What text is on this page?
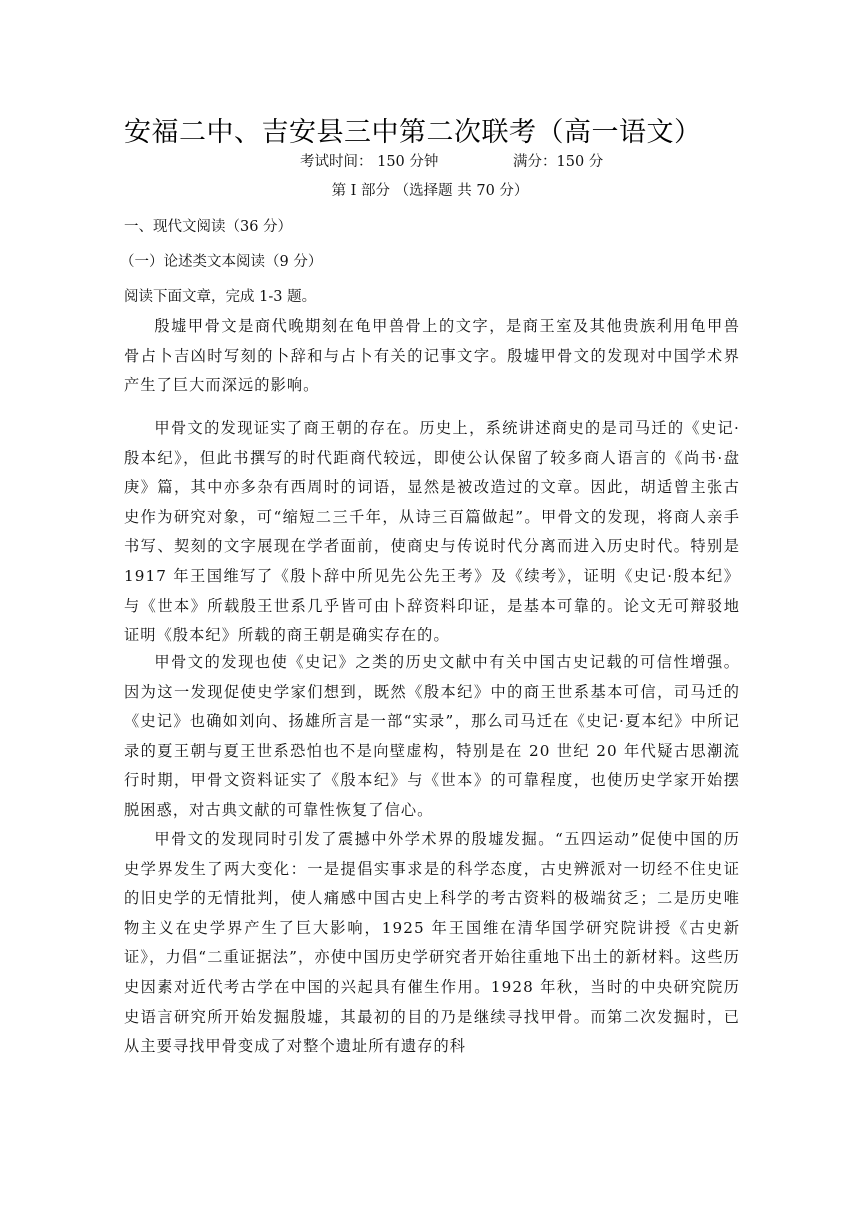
安福二中、吉安县三中第二次联考（高一语文）
考试时间： 150 分钟	满分：150 分
第 I 部分 （选择题 共 70 分）
一、现代文阅读（36 分）
（一）论述类文本阅读（9 分）
阅读下面文章，完成 1-3 题。

殷墟甲骨文是商代晚期刻在龟甲兽骨上的文字，是商王室及其他贵族利用龟甲兽骨占卜吉凶时写刻的卜辞和与占卜有关的记事文字。殷墟甲骨文的发现对中国学术界产生了巨大而深远的影响。

甲骨文的发现证实了商王朝的存在。历史上，系统讲述商史的是司马迁的《史记·殷本纪》，但此书撰写的时代距商代较远，即使公认保留了较多商人语言的《尚书·盘庚》篇，其中亦多杂有西周时的词语，显然是被改造过的文章。因此，胡适曾主张古史作为研究对象，可“缩短二三千年，从诗三百篇做起”。甲骨文的发现，将商人亲手书写、契刻的文字展现在学者面前，使商史与传说时代分离而进入历史时代。特别是 1917 年王国维写了《殷卜辞中所见先公先王考》及《续考》，证明《史记·殷本纪》与《世本》所载殷王世系几乎皆可由卜辞资料印证，是基本可靠的。论文无可辩驳地证明《殷本纪》所载的商王朝是确实存在的。

甲骨文的发现也使《史记》之类的历史文献中有关中国古史记载的可信性增强。因为这一发现促使史学家们想到，既然《殷本纪》中的商王世系基本可信，司马迁的《史记》也确如刘向、扬雄所言是一部“实录”，那么司马迁在《史记·夏本纪》中所记录的夏王朝与夏王世系恐怕也不是向壁虚构，特别是在 20 世纪 20 年代疑古思潮流行时期，甲骨文资料证实了《殷本纪》与《世本》的可靠程度，也使历史学家开始摆脱困惑，对古典文献的可靠性恢复了信心。

甲骨文的发现同时引发了震撼中外学术界的殷墟发掘。“五四运动”促使中国的历史学界发生了两大变化：一是提倡实事求是的科学态度，古史辨派对一切经不住史证的旧史学的无情批判，使人痛感中国古史上科学的考古资料的极端贫乏；二是历史唯物主义在史学界产生了巨大影响，1925 年王国维在清华国学研究院讲授《古史新证》，力倡“二重证据法”，亦使中国历史学研究者开始往重地下出土的新材料。这些历史因素对近代考古学在中国的兴起具有催生作用。1928 年秋，当时的中央研究院历史语言研究所开始发掘殷墟，其最初的目的乃是继续寻找甲骨。而第二次发掘时，已从主要寻找甲骨变成了对整个遗址所有遗存的科
